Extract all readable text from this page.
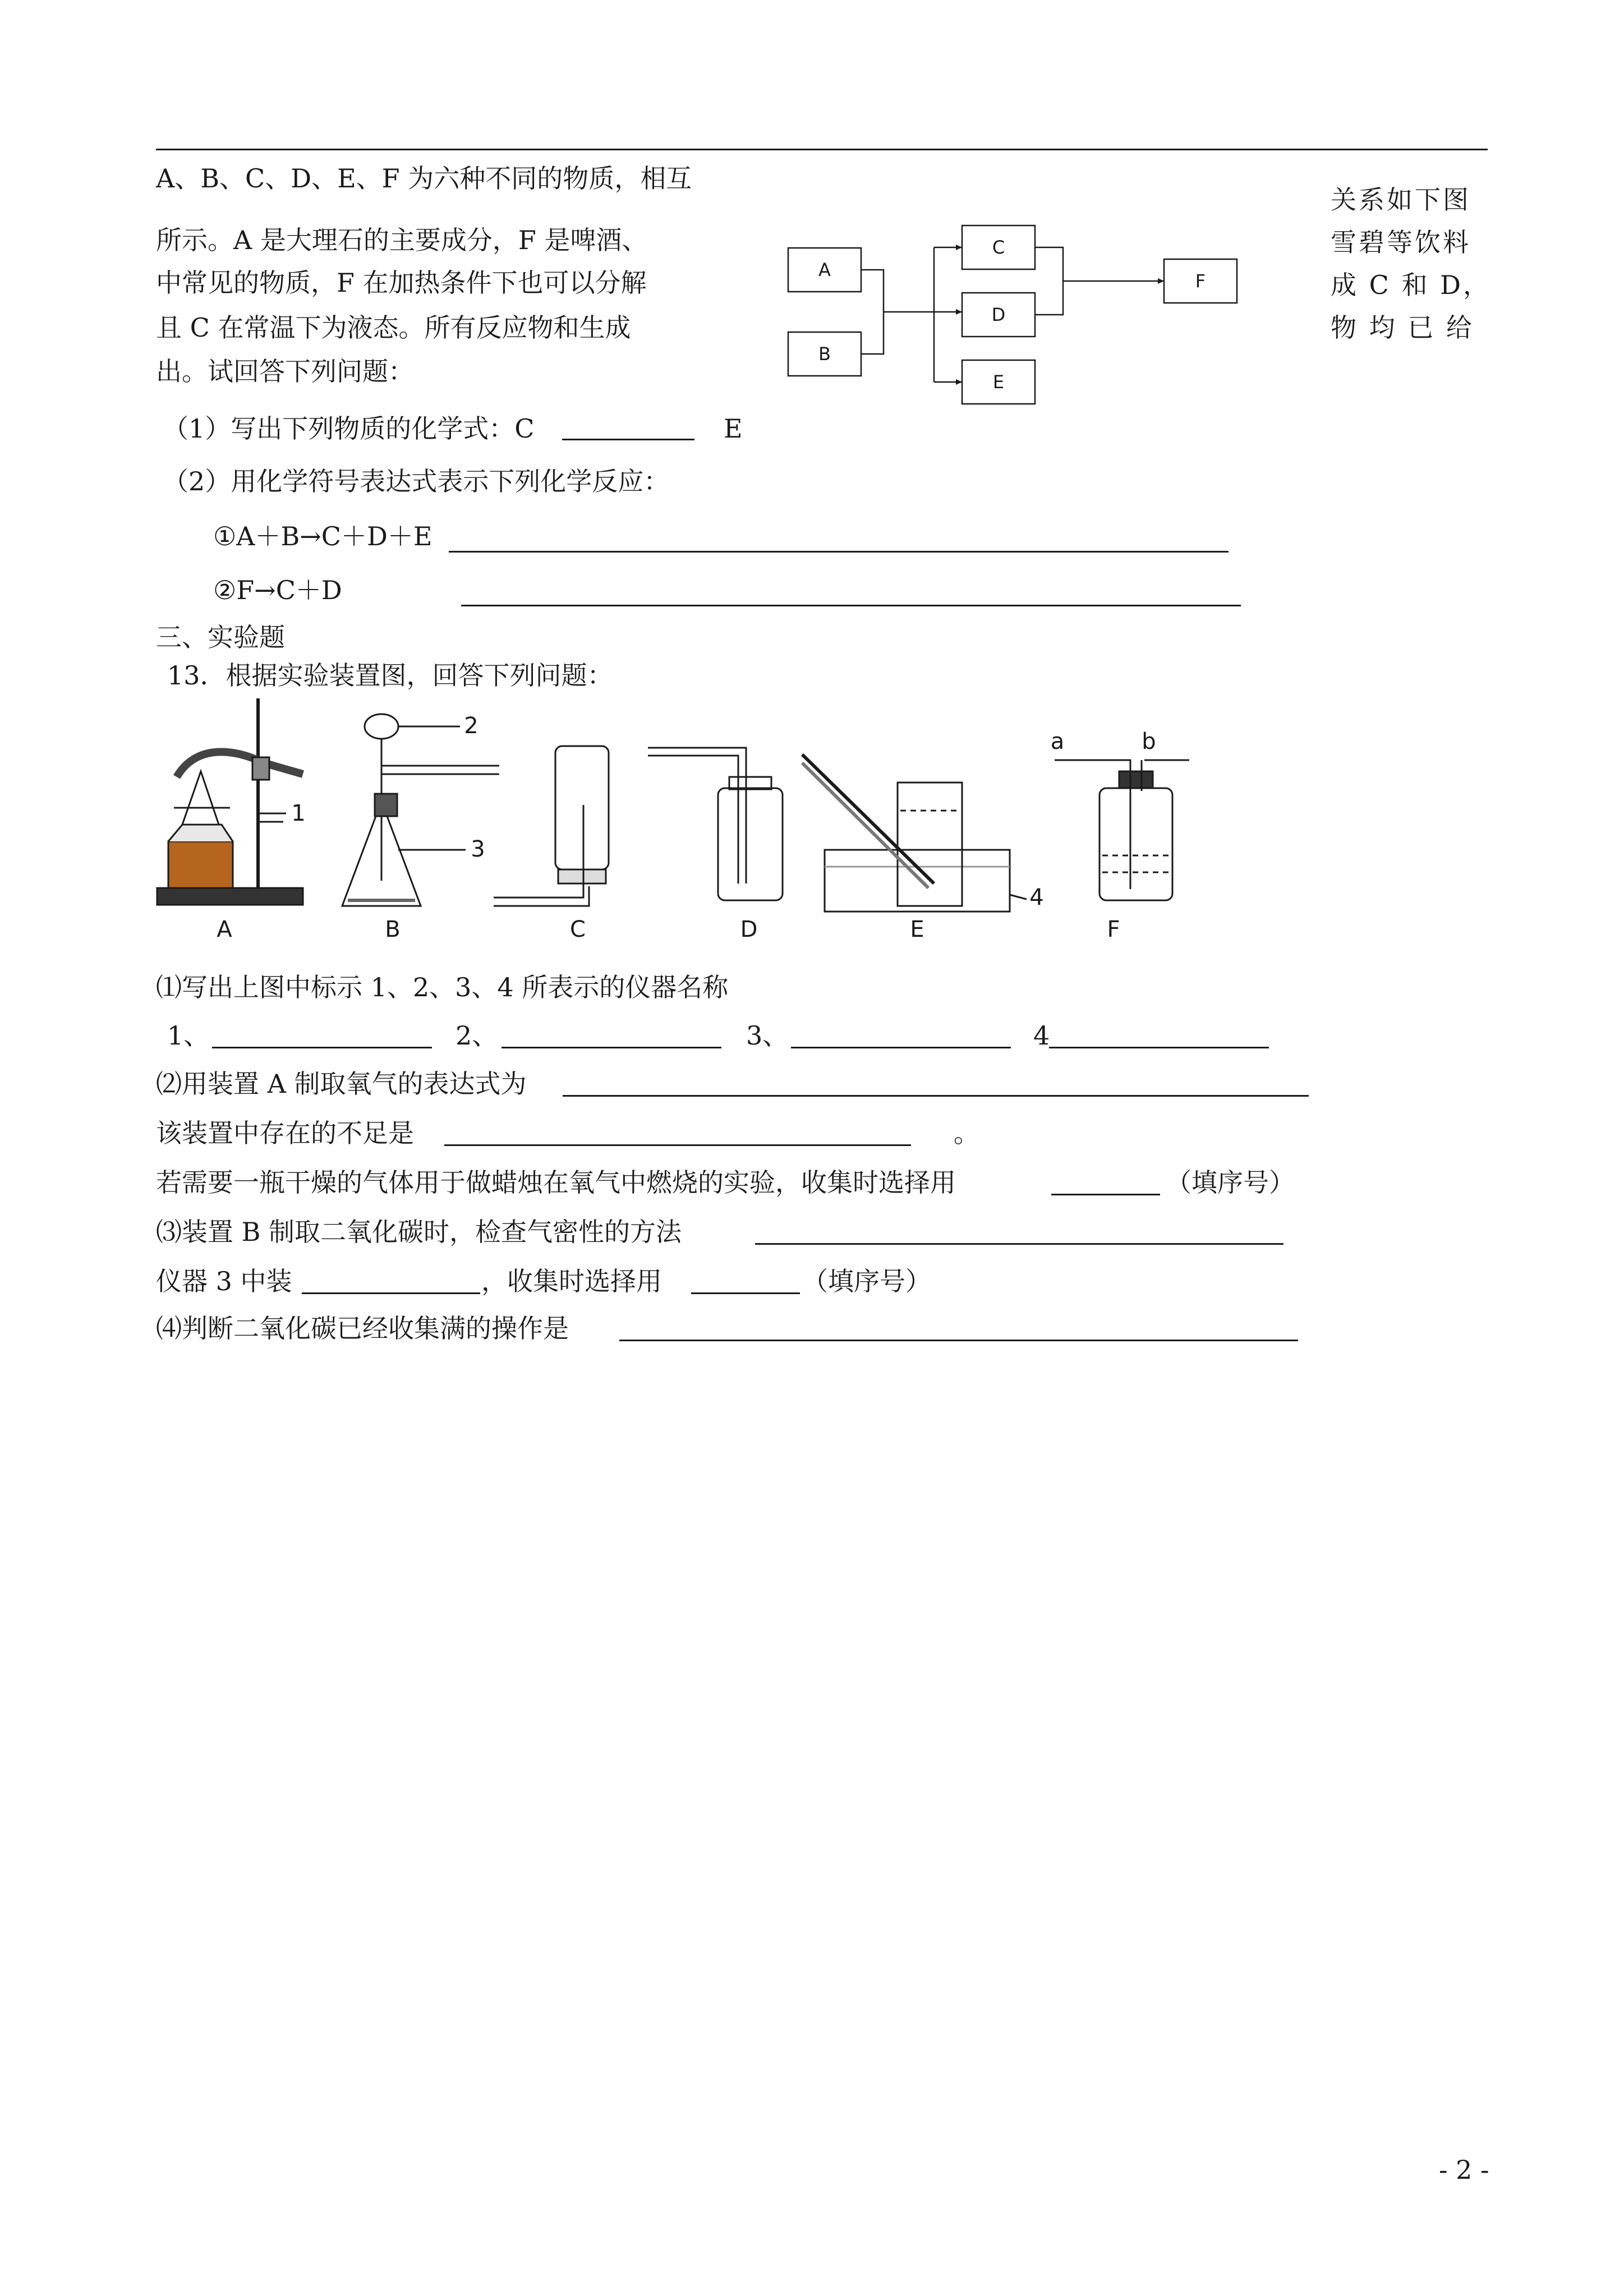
A、B、C、D、E、F 为六种不同的物质，相互
关系如下图
所示。A 是大理石的主要成分，F 是啤酒、	雪碧等饮料
中常见的物质，F 在加热条件下也可以分解	成 C 和 D，
且 C 在常温下为液态。所有反应物和生成	物 均 已 给
出。试回答下列问题：
A
B
C
D
E
F
（1）写出下列物质的化学式：C	E
（2）用化学符号表达式表示下列化学反应：
①A＋B→C＋D＋E
②F→C＋D
三、实验题
13．根据实验装置图，回答下列问题：
A	B	C	D	E	F
1
2
3
4
a	b
⑴写出上图中标示 1、2、3、4 所表示的仪器名称
1、	2、	3、	4
⑵用装置 A 制取氧气的表达式为
该装置中存在的不足是	。
若需要一瓶干燥的气体用于做蜡烛在氧气中燃烧的实验，收集时选择用	（填序号）
⑶装置 B 制取二氧化碳时，检查气密性的方法
仪器 3 中装	，收集时选择用	（填序号）
⑷判断二氧化碳已经收集满的操作是
- 2 -
